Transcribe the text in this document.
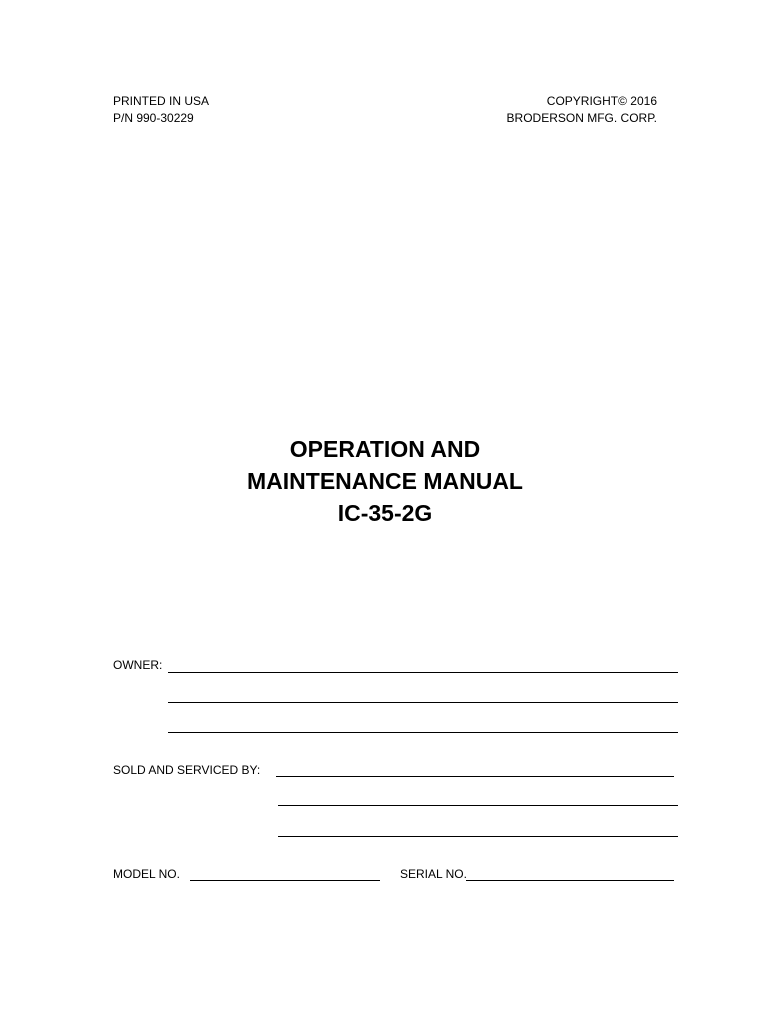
PRINTED IN USA
P/N 990-30229
COPYRIGHT© 2016
BRODERSON MFG. CORP.
OPERATION AND
MAINTENANCE MANUAL
IC-35-2G
OWNER:
SOLD AND SERVICED BY:
MODEL NO.	SERIAL NO.
